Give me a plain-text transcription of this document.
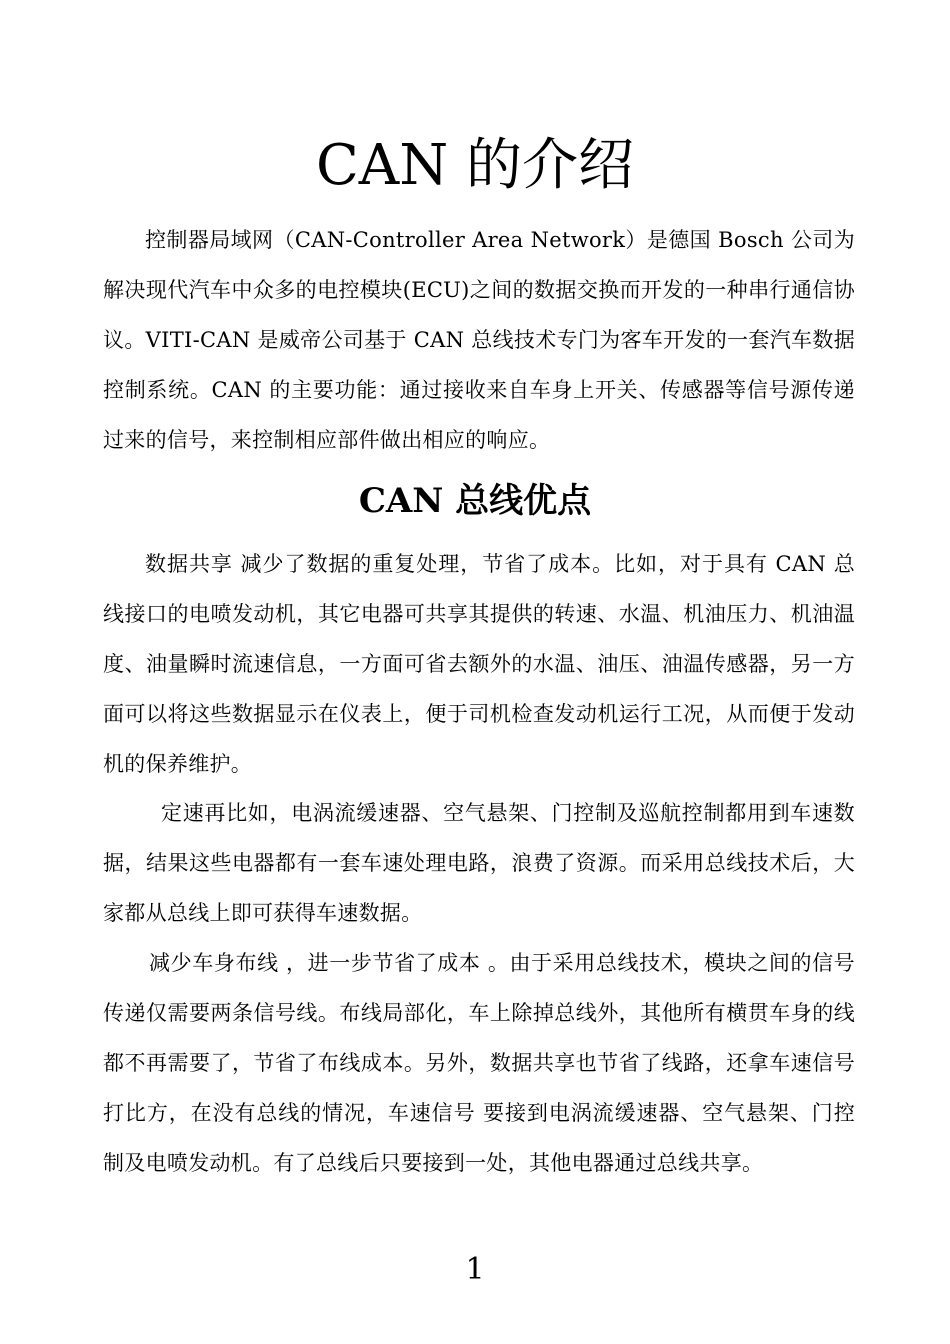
CAN 的介绍

控制器局域网（CAN-Controller Area Network）是德国 Bosch 公司为解决现代汽车中众多的电控模块(ECU)之间的数据交换而开发的一种串行通信协议。VITI-CAN 是威帝公司基于 CAN 总线技术专门为客车开发的一套汽车数据控制系统。CAN 的主要功能：通过接收来自车身上开关、传感器等信号源传递过来的信号，来控制相应部件做出相应的响应。

CAN 总线优点

数据共享 减少了数据的重复处理，节省了成本。比如，对于具有 CAN 总线接口的电喷发动机，其它电器可共享其提供的转速、水温、机油压力、机油温度、油量瞬时流速信息，一方面可省去额外的水温、油压、油温传感器，另一方面可以将这些数据显示在仪表上，便于司机检查发动机运行工况，从而便于发动机的保养维护。

定速再比如，电涡流缓速器、空气悬架、门控制及巡航控制都用到车速数据，结果这些电器都有一套车速处理电路，浪费了资源。而采用总线技术后，大家都从总线上即可获得车速数据。

减少车身布线 ，进一步节省了成本 。由于采用总线技术，模块之间的信号传递仅需要两条信号线。布线局部化，车上除掉总线外，其他所有横贯车身的线都不再需要了，节省了布线成本。另外，数据共享也节省了线路，还拿车速信号打比方，在没有总线的情况，车速信号 要接到电涡流缓速器、空气悬架、门控制及电喷发动机。有了总线后只要接到一处，其他电器通过总线共享。

1
